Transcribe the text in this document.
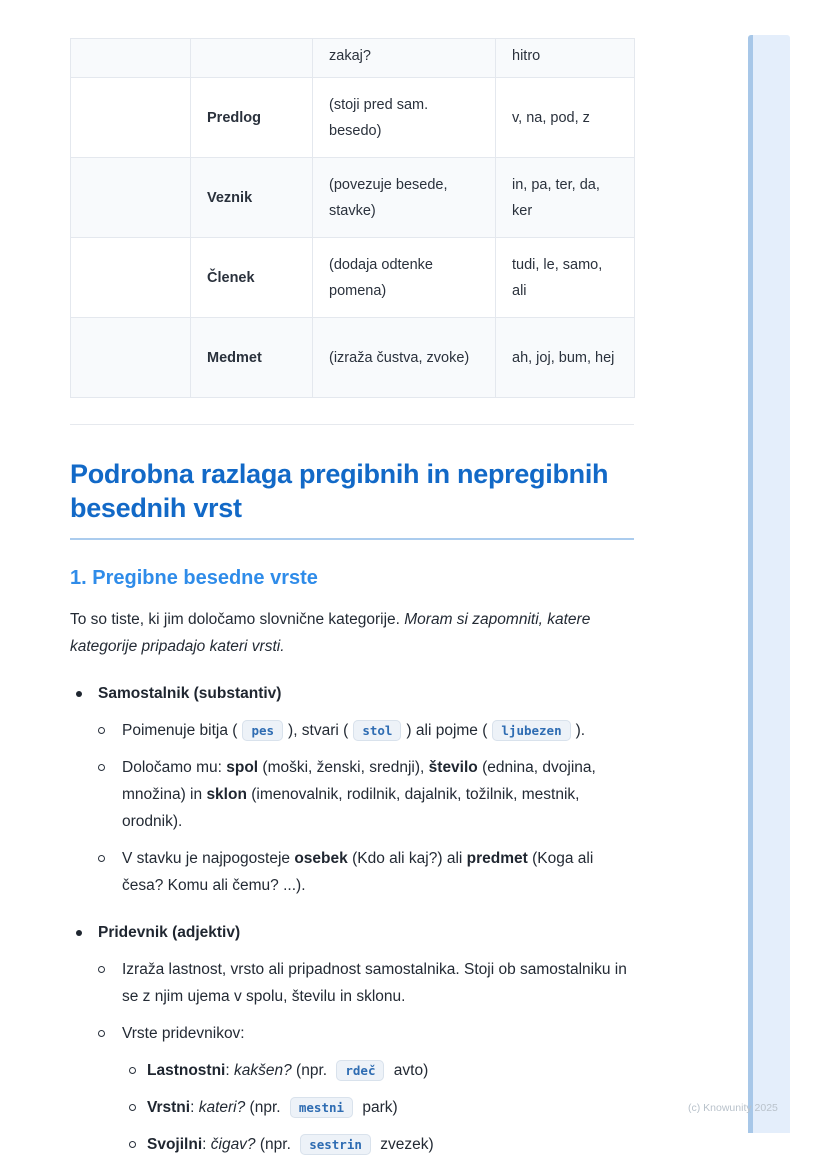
		zakaj?	hitro
	Predlog	(stoji pred sam. besedo)	v, na, pod, z
	Veznik	(povezuje besede, stavke)	in, pa, ter, da, ker
	Členek	(dodaja odtenke pomena)	tudi, le, samo, ali
	Medmet	(izraža čustva, zvoke)	ah, joj, bum, hej
Podrobna razlaga pregibnih in nepregibnih besednih vrst
1. Pregibne besedne vrste

To so tiste, ki jim določamo slovnične kategorije. Moram si zapomniti, katere kategorije pripadajo kateri vrsti.

Samostalnik (substantiv)
Poimenuje bitja ( pes ), stvari ( stol ) ali pojme ( ljubezen ).
Določamo mu: spol (moški, ženski, srednji), število (ednina, dvojina, množina) in sklon (imenovalnik, rodilnik, dajalnik, tožilnik, mestnik, orodnik).
V stavku je najpogosteje osebek (Kdo ali kaj?) ali predmet (Koga ali česa? Komu ali čemu? ...).
Pridevnik (adjektiv)
Izraža lastnost, vrsto ali pripadnost samostalnika. Stoji ob samostalniku in se z njim ujema v spolu, številu in sklonu.
Vrste pridevnikov:
Lastnostni: kakšen? (npr. rdeč avto)
Vrstni: kateri? (npr. mestni park)
Svojilni: čigav? (npr. sestrin zvezek)
(c) Knowunity 2025
